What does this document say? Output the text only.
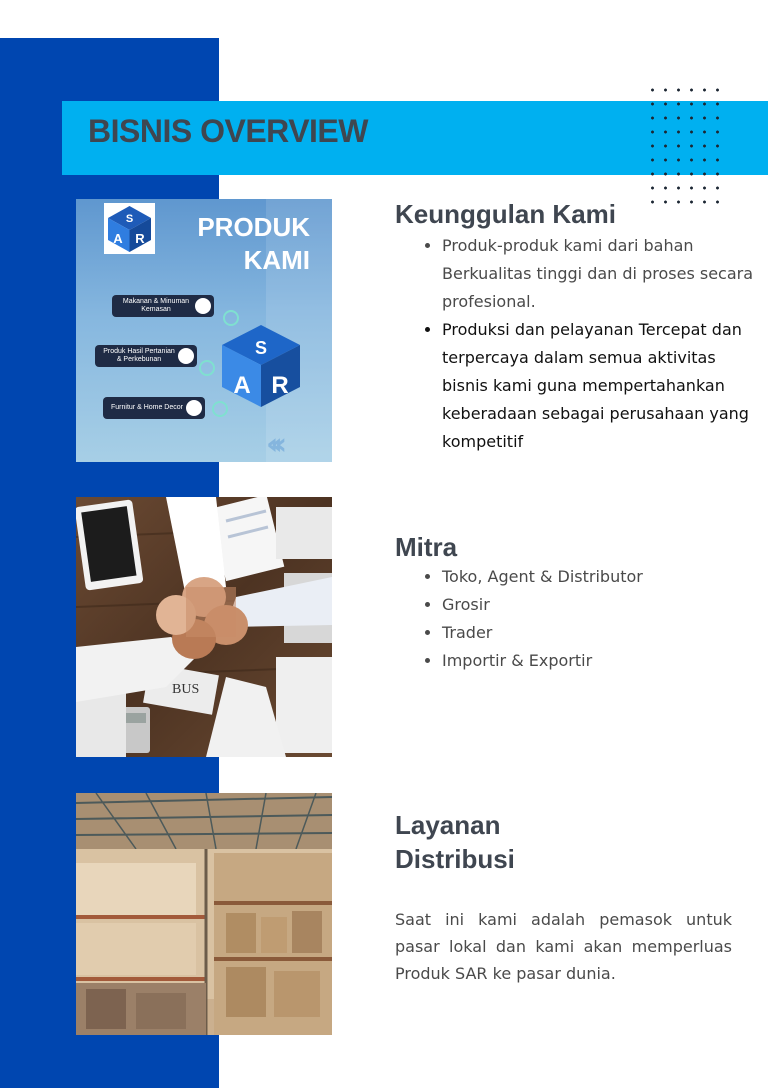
BISNIS OVERVIEW
S
A R	PRODUK KAMI
Makanan & Minuman Kemasan
Produk Hasil Pertanian & Perkebunan
Furnitur & Home Decor
S
A R
‹‹‹
BUS
Keunggulan Kami
• Produk-produk kami dari bahan Berkualitas tinggi dan di proses secara profesional.
• Produksi dan pelayanan Tercepat dan terpercaya dalam semua aktivitas bisnis kami guna mempertahankan keberadaan sebagai perusahaan yang kompetitif
Mitra
• Toko, Agent & Distributor
• Grosir
• Trader
• Importir & Exportir
Layanan
Distribusi

Saat ini kami adalah pemasok untuk pasar lokal dan kami akan memperluas Produk SAR ke pasar dunia.
